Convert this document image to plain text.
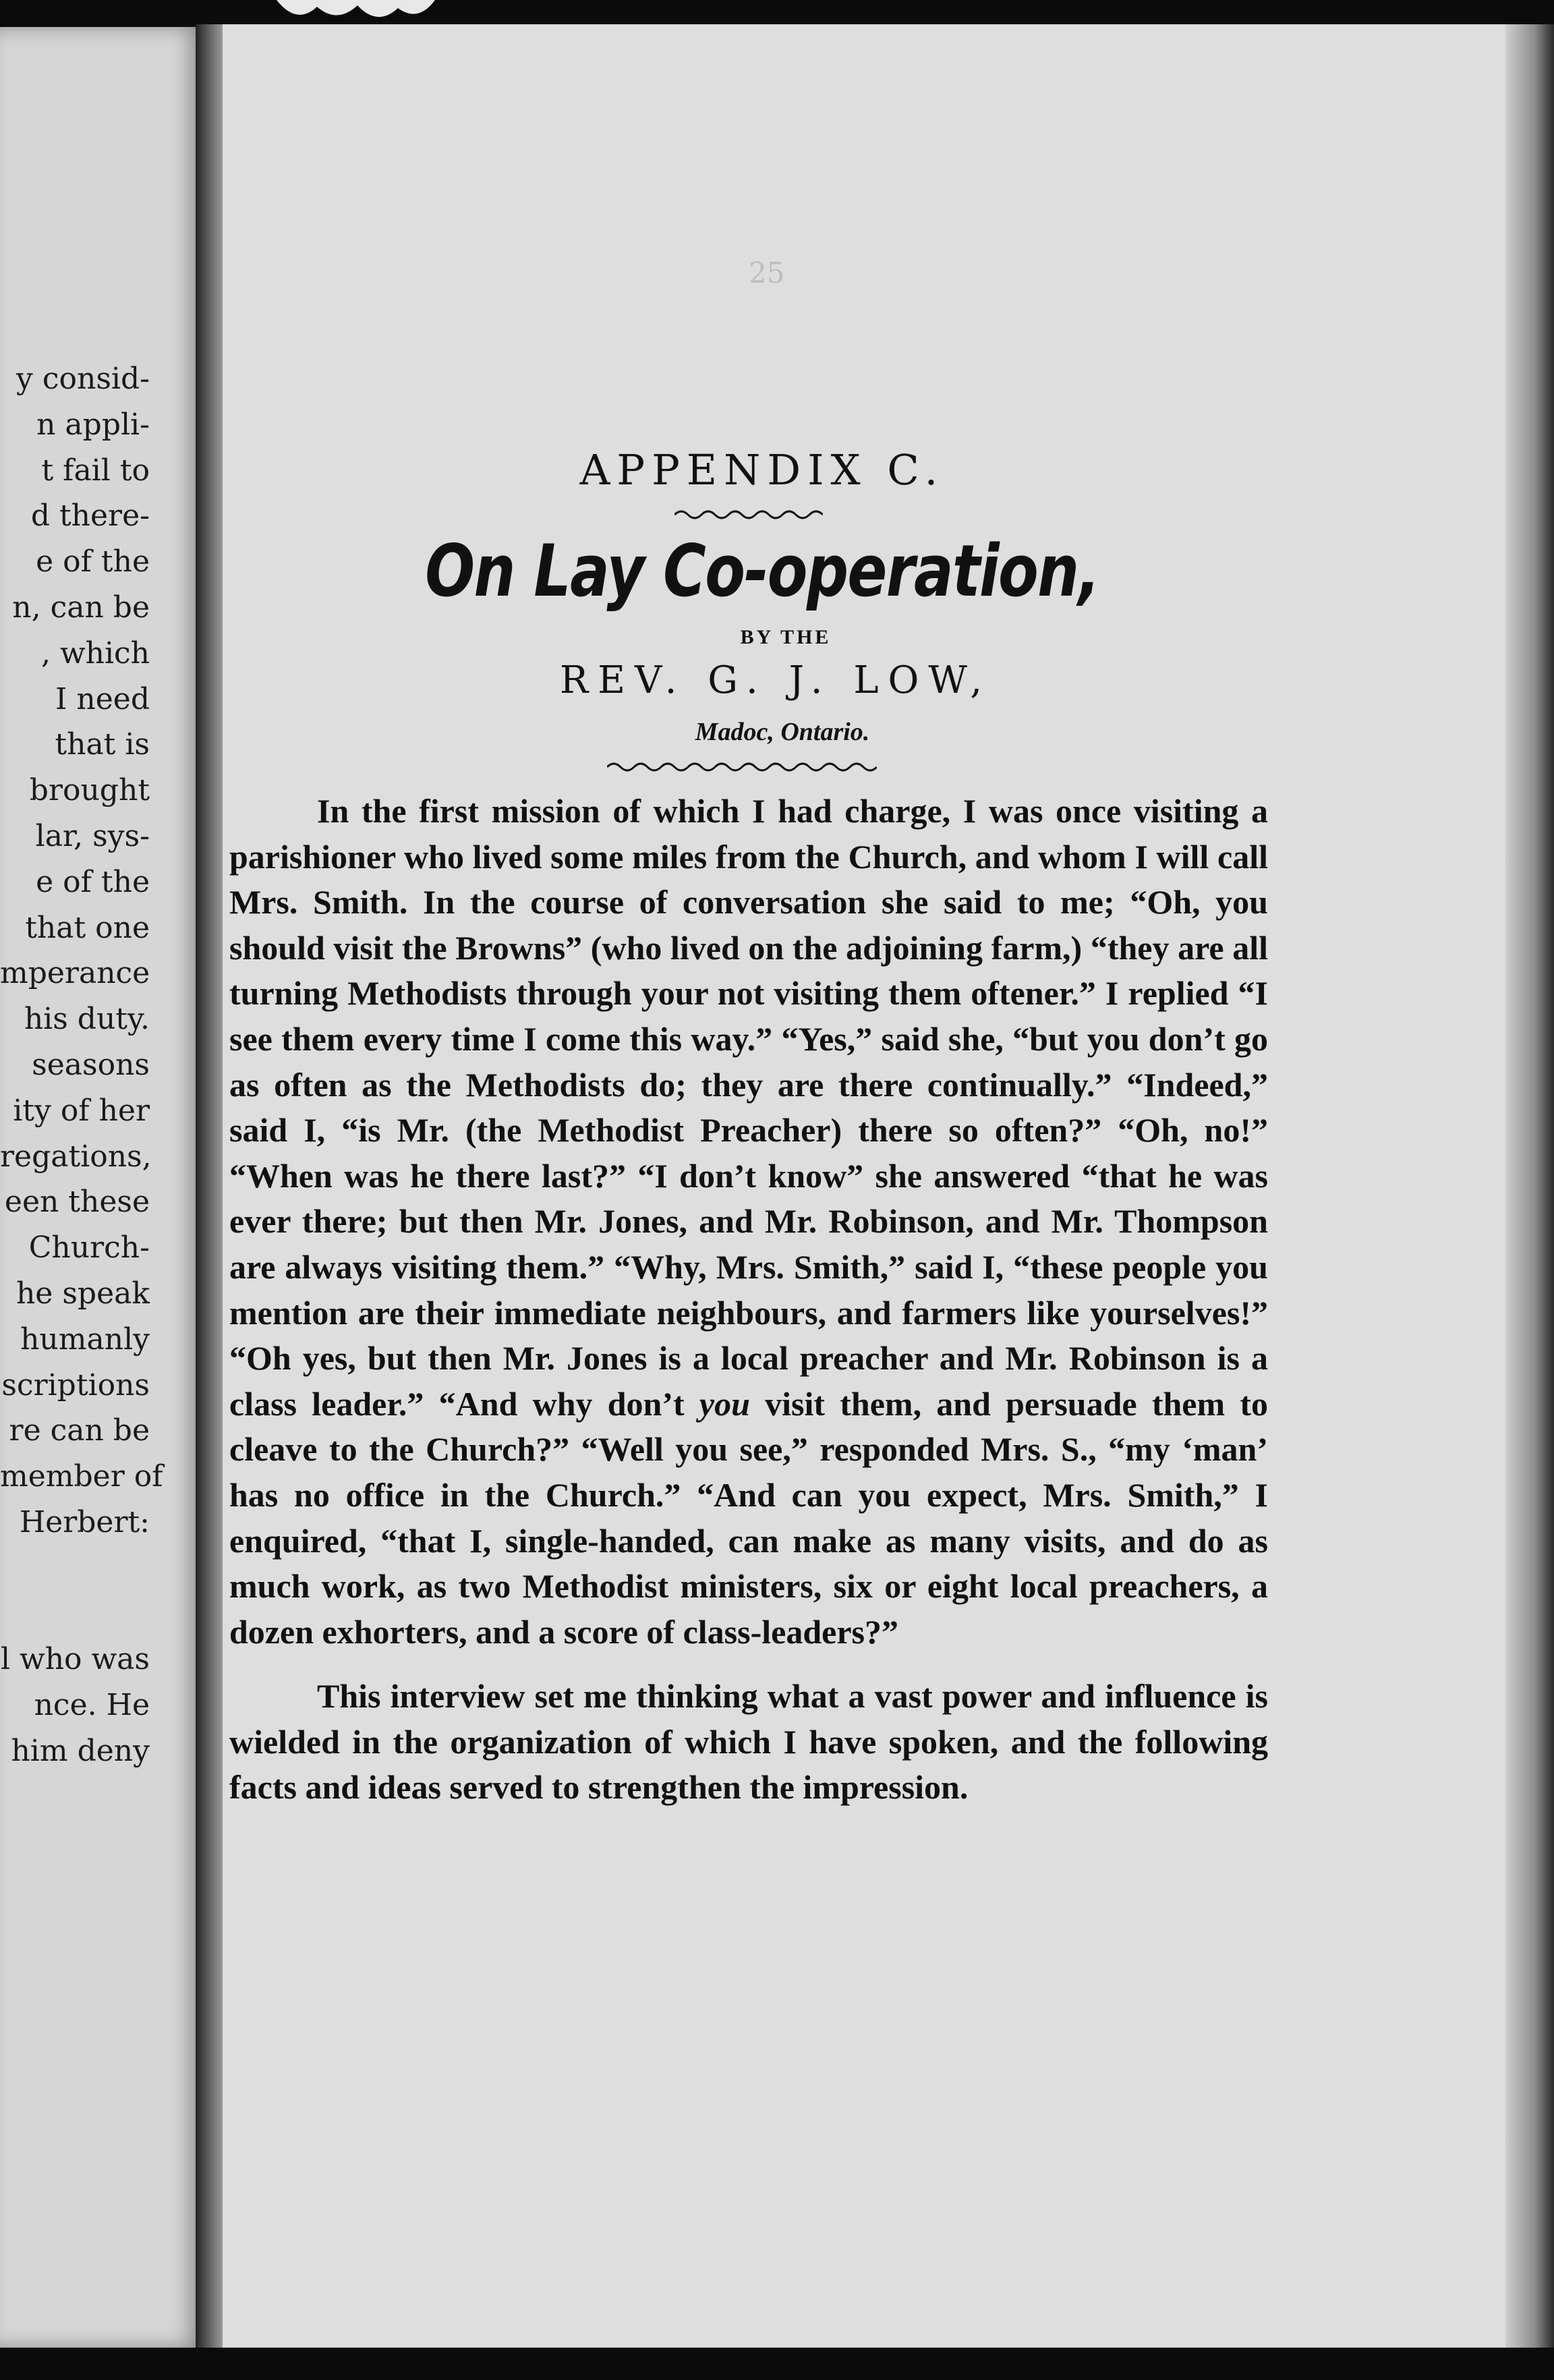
y consid-
n appli-
t fail to
d there-
e of the
n, can be
, which
I need
that is
brought
lar, sys-
e of the
that one
mperance
his duty.
seasons
ity of her
regations,
een these
Church-
he speak
humanly
scriptions
re can be
member of
Herbert:

l who was
nce. He
him deny
25
APPENDIX C.
On Lay Co-operation,
BY THE
REV. G. J. LOW,
Madoc, Ontario.

In the first mission of which I had charge, I was once visiting a parishioner who lived some miles from the Church, and whom I will call Mrs. Smith. In the course of conversation she said to me; “Oh, you should visit the Browns” (who lived on the adjoining farm,) “they are all turning Methodists through your not visiting them oftener.” I replied “I see them every time I come this way.” “Yes,” said she, “but you don’t go as often as the Methodists do; they are there continually.” “Indeed,” said I, “is Mr. (the Methodist Preacher) there so often?” “Oh, no!” “When was he there last?” “I don’t know” she answered “that he was ever there; but then Mr. Jones, and Mr. Robinson, and Mr. Thompson are always visiting them.” “Why, Mrs. Smith,” said I, “these people you mention are their immediate neighbours, and farmers like yourselves!” “Oh yes, but then Mr. Jones is a local preacher and Mr. Robinson is a class leader.” “And why don’t you visit them, and persuade them to cleave to the Church?” “Well you see,” responded Mrs. S., “my ‘man’ has no office in the Church.” “And can you expect, Mrs. Smith,” I enquired, “that I, single-handed, can make as many visits, and do as much work, as two Methodist ministers, six or eight local preachers, a dozen exhorters, and a score of class-leaders?”

This interview set me thinking what a vast power and influence is wielded in the organization of which I have spoken, and the following facts and ideas served to strengthen the impression.
